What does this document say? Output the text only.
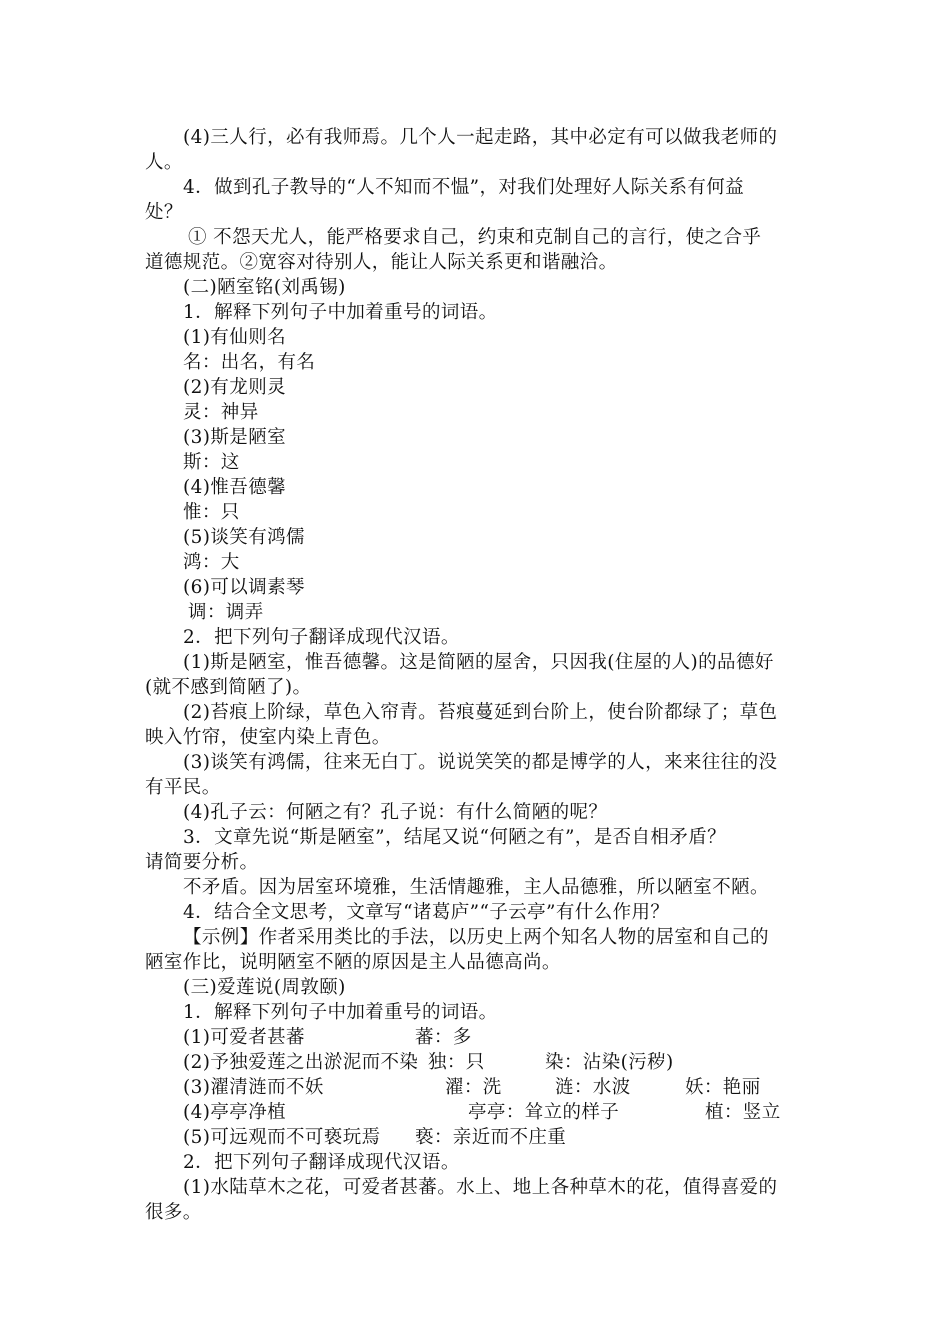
(4)三人行，必有我师焉。几个人一起走路，其中必定有可以做我老师的
人。
4．做到孔子教导的“人不知而不愠”，对我们处理好人际关系有何益
处？
① 不怨天尤人，能严格要求自己，约束和克制自己的言行，使之合乎
道德规范。②宽容对待别人，能让人际关系更和谐融洽。
(二)陋室铭(刘禹锡)
1．解释下列句子中加着重号的词语。
(1)有仙则名
名：出名，有名
(2)有龙则灵
灵：神异
(3)斯是陋室
斯：这
(4)惟吾德馨
惟：只
(5)谈笑有鸿儒
鸿：大
(6)可以调素琴
调：调弄
2．把下列句子翻译成现代汉语。
(1)斯是陋室，惟吾德馨。这是简陋的屋舍，只因我(住屋的人)的品德好
(就不感到简陋了)。
(2)苔痕上阶绿，草色入帘青。苔痕蔓延到台阶上，使台阶都绿了；草色
映入竹帘，使室内染上青色。
(3)谈笑有鸿儒，往来无白丁。说说笑笑的都是博学的人，来来往往的没
有平民。
(4)孔子云：何陋之有？孔子说：有什么简陋的呢？
3．文章先说“斯是陋室”，结尾又说“何陋之有”，是否自相矛盾？
请简要分析。
不矛盾。因为居室环境雅，生活情趣雅，主人品德雅，所以陋室不陋。
4．结合全文思考，文章写“诸葛庐”“子云亭”有什么作用？
【示例】作者采用类比的手法，以历史上两个知名人物的居室和自己的
陋室作比，说明陋室不陋的原因是主人品德高尚。
(三)爱莲说(周敦颐)
1．解释下列句子中加着重号的词语。
(1)可爱者甚蕃	蕃：多
(2)予独爱莲之出淤泥而不染 独：只	染：沾染(污秽)
(3)濯清涟而不妖	濯：洗	涟：水波	妖：艳丽
(4)亭亭净植	亭亭：耸立的样子	植：竖立
(5)可远观而不可亵玩焉 亵：亲近而不庄重
2．把下列句子翻译成现代汉语。
(1)水陆草木之花，可爱者甚蕃。水上、地上各种草木的花，值得喜爱的
很多。
